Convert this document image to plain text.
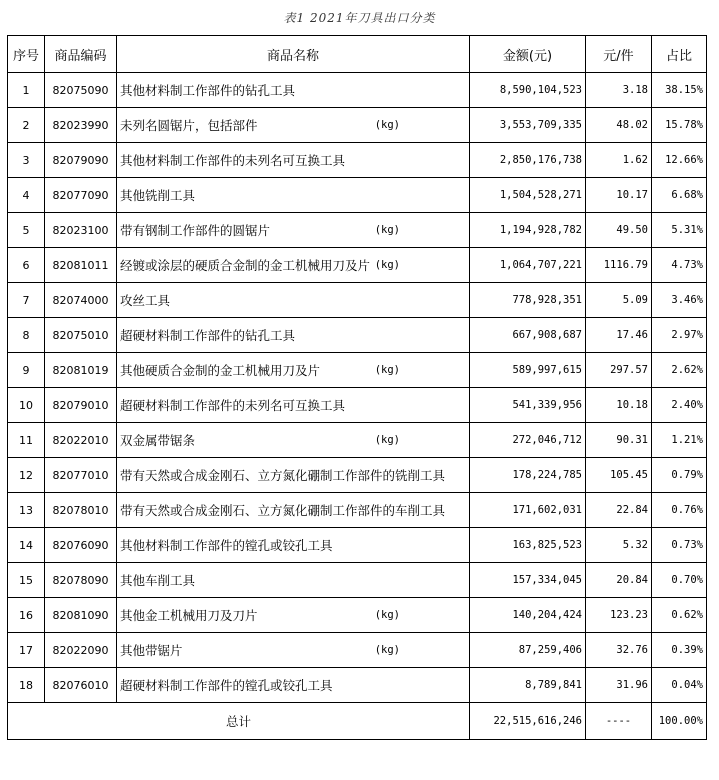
表1 2021年刀具出口分类
序号	商品编码	商品名称	金额(元)	元/件	占比
1	82075090	其他材料制工作部件的钻孔工具	8,590,104,523	3.18	38.15%
2	82023990	未列名圆锯片，包括部件 (kg)	3,553,709,335	48.02	15.78%
3	82079090	其他材料制工作部件的未列名可互换工具	2,850,176,738	1.62	12.66%
4	82077090	其他铣削工具	1,504,528,271	10.17	6.68%
5	82023100	带有钢制工作部件的圆锯片 (kg)	1,194,928,782	49.50	5.31%
6	82081011	经镀或涂层的硬质合金制的金工机械用刀及片 (kg)	1,064,707,221	1116.79	4.73%
7	82074000	攻丝工具	778,928,351	5.09	3.46%
8	82075010	超硬材料制工作部件的钻孔工具	667,908,687	17.46	2.97%
9	82081019	其他硬质合金制的金工机械用刀及片 (kg)	589,997,615	297.57	2.62%
10	82079010	超硬材料制工作部件的未列名可互换工具	541,339,956	10.18	2.40%
11	82022010	双金属带锯条 (kg)	272,046,712	90.31	1.21%
12	82077010	带有天然或合成金刚石、立方氮化硼制工作部件的铣削工具	178,224,785	105.45	0.79%
13	82078010	带有天然或合成金刚石、立方氮化硼制工作部件的车削工具	171,602,031	22.84	0.76%
14	82076090	其他材料制工作部件的镗孔或铰孔工具	163,825,523	5.32	0.73%
15	82078090	其他车削工具	157,334,045	20.84	0.70%
16	82081090	其他金工机械用刀及刀片 (kg)	140,204,424	123.23	0.62%
17	82022090	其他带锯片 (kg)	87,259,406	32.76	0.39%
18	82076010	超硬材料制工作部件的镗孔或铰孔工具	8,789,841	31.96	0.04%
总计			22,515,616,246	----	100.00%
